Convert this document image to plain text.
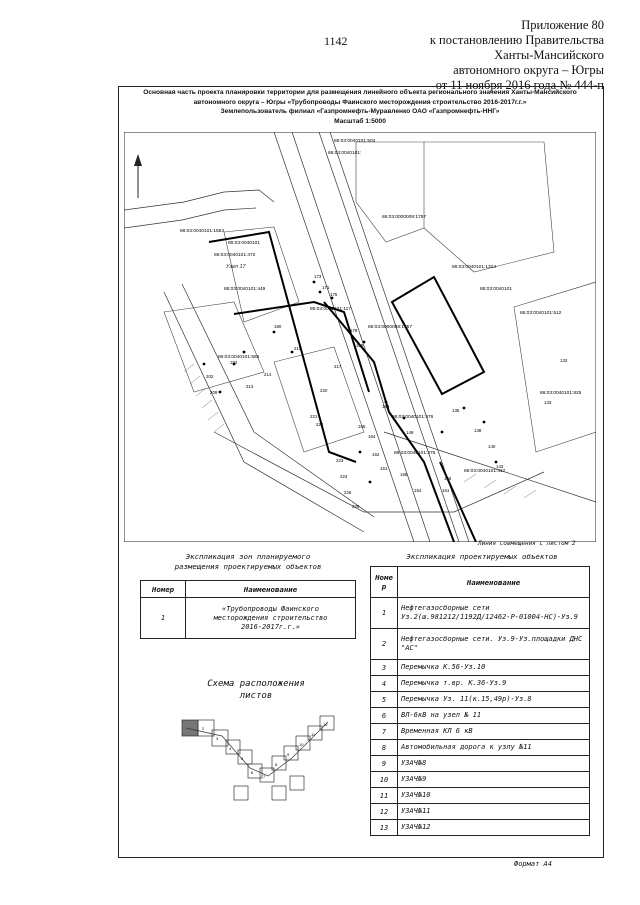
1142
Приложение 80
к постановлению Правительства
Ханты-Мансийского
автономного округа – Югры
от 11 ноября 2016 года № 444-п
Основная часть проекта планировки территории для размещения линейного объекта регионального значения Ханты-Мансийского
автономного округа – Югры «Трубопроводы Фаинского месторождения строительство 2016-2017г.г.»
Землепользователь филиал «Газпромнефть-Муравленко ОАО «Газпромнефть-ННГ»
Масштаб 1:5000
86:03:0040101:504
86:03:0040101:
86:03:0000008:1757
86:03:0040101:1324
86:03:0040101
86:03:0040101:512
86:03:0000008:1757
86:03:0040101:555
86:03:0040101:825
86:03:0040101:476
86:03:0040101:449
86:03:0040101:1553
86:03:0040101
86:03:0040101:472
86:03:0040101:117
86:03:0040101:476
86:03:0040101:417
Узел 17
173
171
175
180
215
192
202
209
214
213
217
220
221
222	165
164
166
149
135
138
140
143
132
133
223
224
226
229
158
154
156
151
162
161
169
178
Линия совмещения с листом 2
Экспликация зон планируемого
размещения проектируемых объектов
Номер	Наименование
1	«Трубопроводы Фаинского
месторождения строительство
2016-2017г.г.»
Экспликация проектируемых объектов
Номе
р	Наименование
1	Нефтегазосборные сети Уз.2(ш.981212/1192Д/12462-Р-01004-НС)-Уз.9
2	Нефтегазосборные сети. Уз.9-Уз.площадки ДНС "АС"
3	Перемычка К.56-Уз.10
4	Перемычка т.вр. К.36-Уз.9
5	Перемычка Уз. 11(к.15,49р)-Уз.8
6	ВЛ-6кВ на узел № 11
7	Временная КЛ 6 кВ
8	Автомобильная дорога к узлу №11
9	УЗАЧ№8
10	УЗАЧ№9
11	УЗАЧ№10
12	УЗАЧ№11
13	УЗАЧ№12
Схема расположения
листов
2
3
4
5
6
7
8
9
10
11
12
Формат А4
